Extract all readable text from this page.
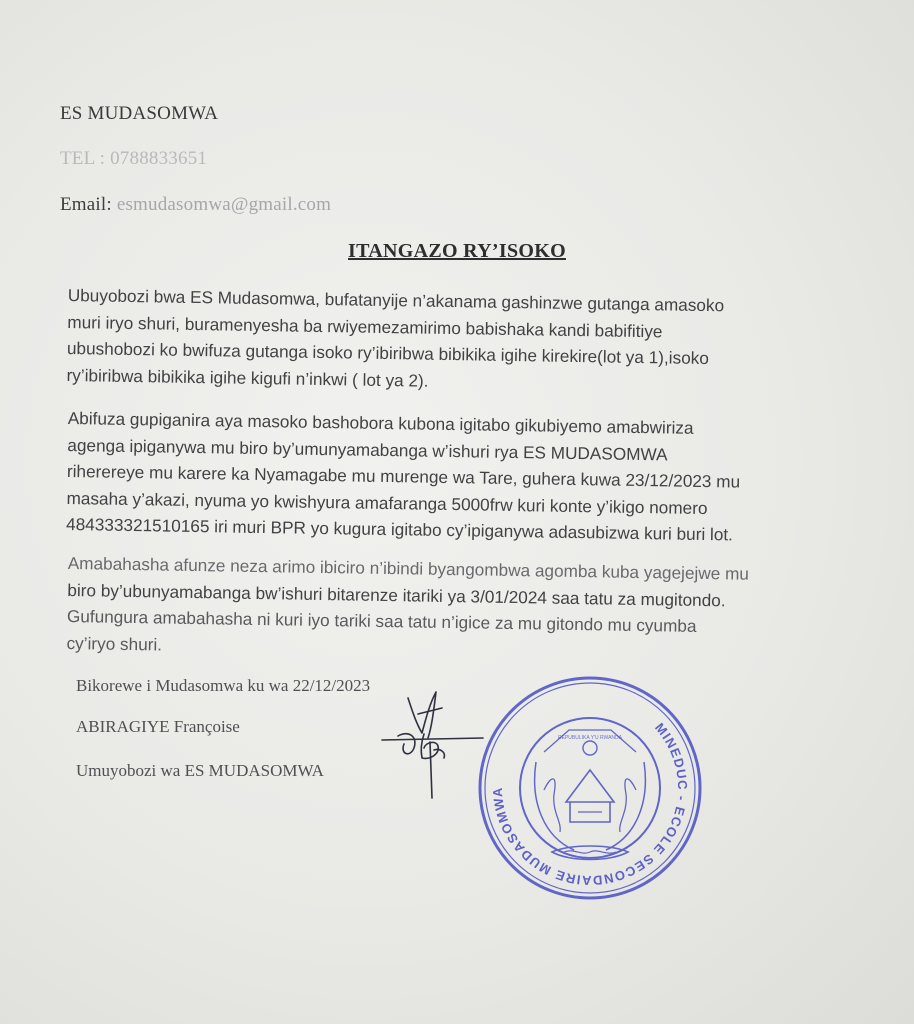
ES MUDASOMWA
TEL : 0788833651
Email: esmudasomwa@gmail.com
ITANGAZO RY’ISOKO
Ubuyobozi bwa ES Mudasomwa, bufatanyije n’akanama gashinzwe gutanga amasoko
muri iryo shuri, buramenyesha ba rwiyemezamirimo babishaka kandi babifitiye
ubushobozi ko bwifuza gutanga isoko ry’ibiribwa bibikika igihe kirekire(lot ya 1),isoko
ry’ibiribwa bibikika igihe kigufi n’inkwi ( lot ya 2).
Abifuza gupiganira aya masoko bashobora kubona igitabo gikubiyemo amabwiriza
agenga ipiganywa mu biro by’umunyamabanga w’ishuri rya ES MUDASOMWA
riherereye mu karere ka Nyamagabe mu murenge wa Tare, guhera kuwa 23/12/2023 mu
masaha y’akazi, nyuma yo kwishyura amafaranga 5000frw kuri konte y’ikigo nomero
484333321510165 iri muri BPR yo kugura igitabo cy’ipiganywa adasubizwa kuri buri lot.
Amabahasha afunze neza arimo ibiciro n’ibindi byangombwa agomba kuba yagejejwe mu
biro by’ubunyamabanga bw’ishuri bitarenze itariki ya 3/01/2024 saa tatu za mugitondo.
Gufungura amabahasha ni kuri iyo tariki saa tatu n’igice za mu gitondo mu cyumba
cy’iryo shuri.
Bikorewe i Mudasomwa ku wa 22/12/2023
ABIRAGIYE Françoise
Umuyobozi wa ES MUDASOMWA
MINEDUC - ECOLE SECONDAIRE MUDASOMWA
REPUBULIKA Y'U RWANDA
